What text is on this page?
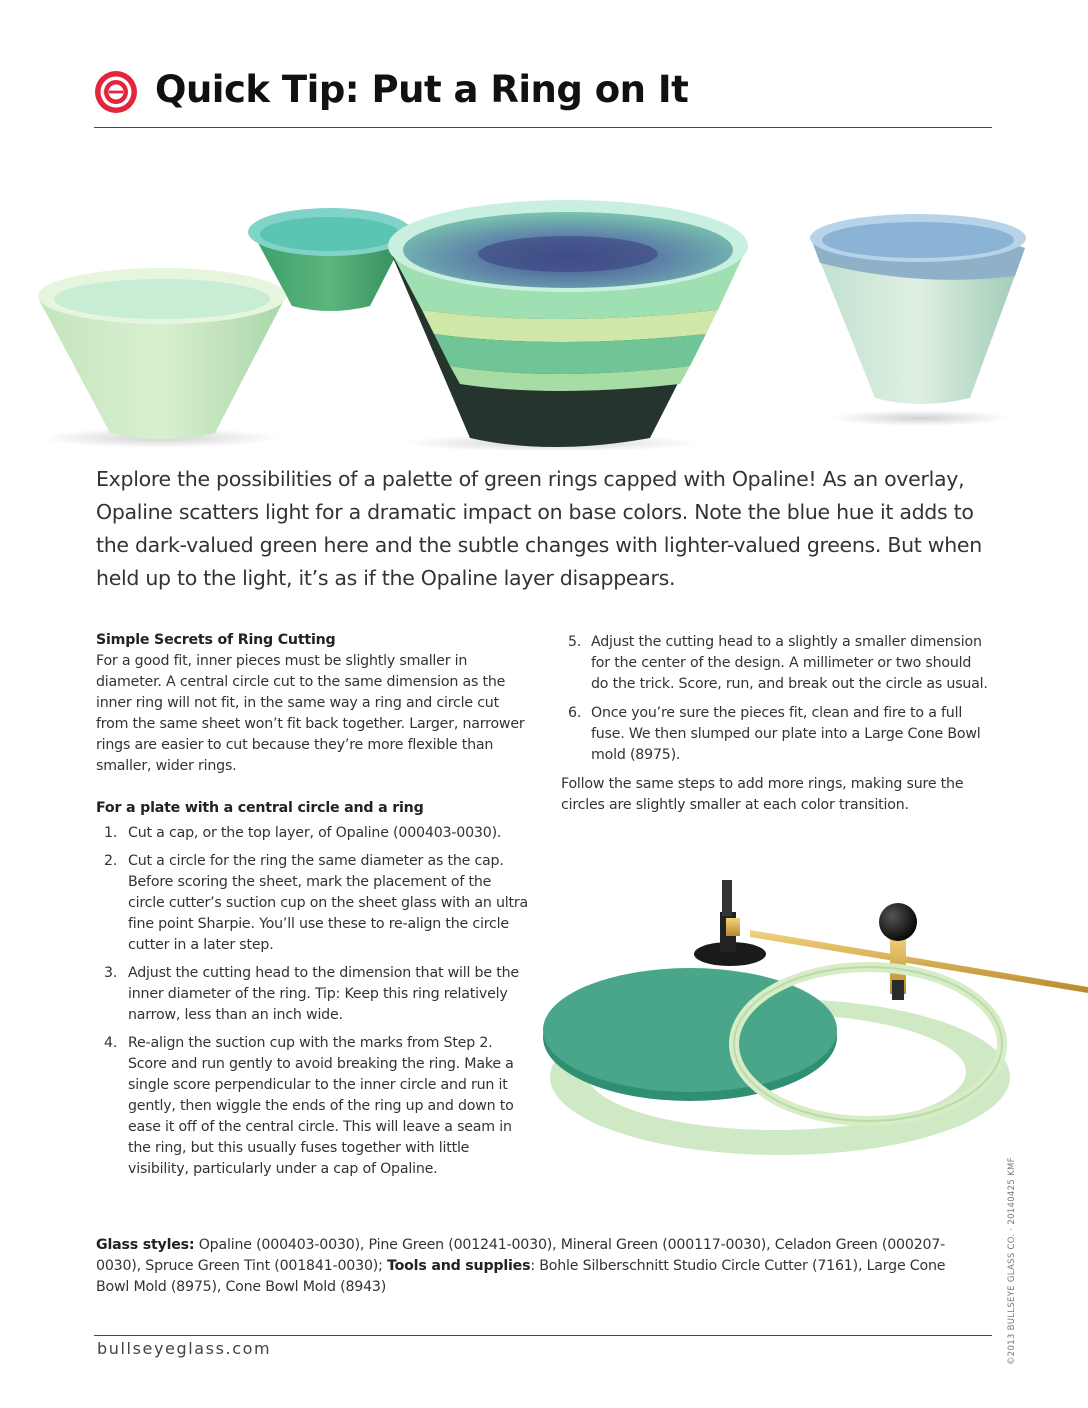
Quick Tip: Put a Ring on It

Explore the possibilities of a palette of green rings capped with Opaline! As an overlay, Opaline scatters light for a dramatic impact on base colors. Note the blue hue it adds to the dark-valued green here and the subtle changes with lighter-valued greens. But when held up to the light, it’s as if the Opaline layer disappears.

Simple Secrets of Ring Cutting

For a good fit, inner pieces must be slightly smaller in diameter. A central circle cut to the same dimension as the inner ring will not fit, in the same way a ring and circle cut from the same sheet won’t fit back together. Larger, narrower rings are easier to cut because they’re more flexible than smaller, wider rings.

For a plate with a central circle and a ring
1. Cut a cap, or the top layer, of Opaline (000403-0030).
2. Cut a circle for the ring the same diameter as the cap. Before scoring the sheet, mark the placement of the circle cutter’s suction cup on the sheet glass with an ultra fine point Sharpie. You’ll use these to re-align the circle cutter in a later step.
3. Adjust the cutting head to the dimension that will be the inner diameter of the ring. Tip: Keep this ring relatively narrow, less than an inch wide.
4. Re-align the suction cup with the marks from Step 2. Score and run gently to avoid breaking the ring. Make a single score perpendicular to the inner circle and run it gently, then wiggle the ends of the ring up and down to ease it off of the central circle. This will leave a seam in the ring, but this usually fuses together with little visibility, particularly under a cap of Opaline.
5. Adjust the cutting head to a slightly a smaller dimension for the center of the design. A millimeter or two should do the trick. Score, run, and break out the circle as usual.
6. Once you’re sure the pieces fit, clean and fire to a full fuse. We then slumped our plate into a Large Cone Bowl mold (8975).

Follow the same steps to add more rings, making sure the circles are slightly smaller at each color transition.

Glass styles: Opaline (000403-0030), Pine Green (001241-0030), Mineral Green (000117-0030), Celadon Green (000207-0030), Spruce Green Tint (001841-0030); Tools and supplies: Bohle Silberschnitt Studio Circle Cutter (7161), Large Cone Bowl Mold (8975), Cone Bowl Mold (8943)	©2013 BULLSEYE GLASS CO. · 20140425 KMF
bullseyeglass.com
